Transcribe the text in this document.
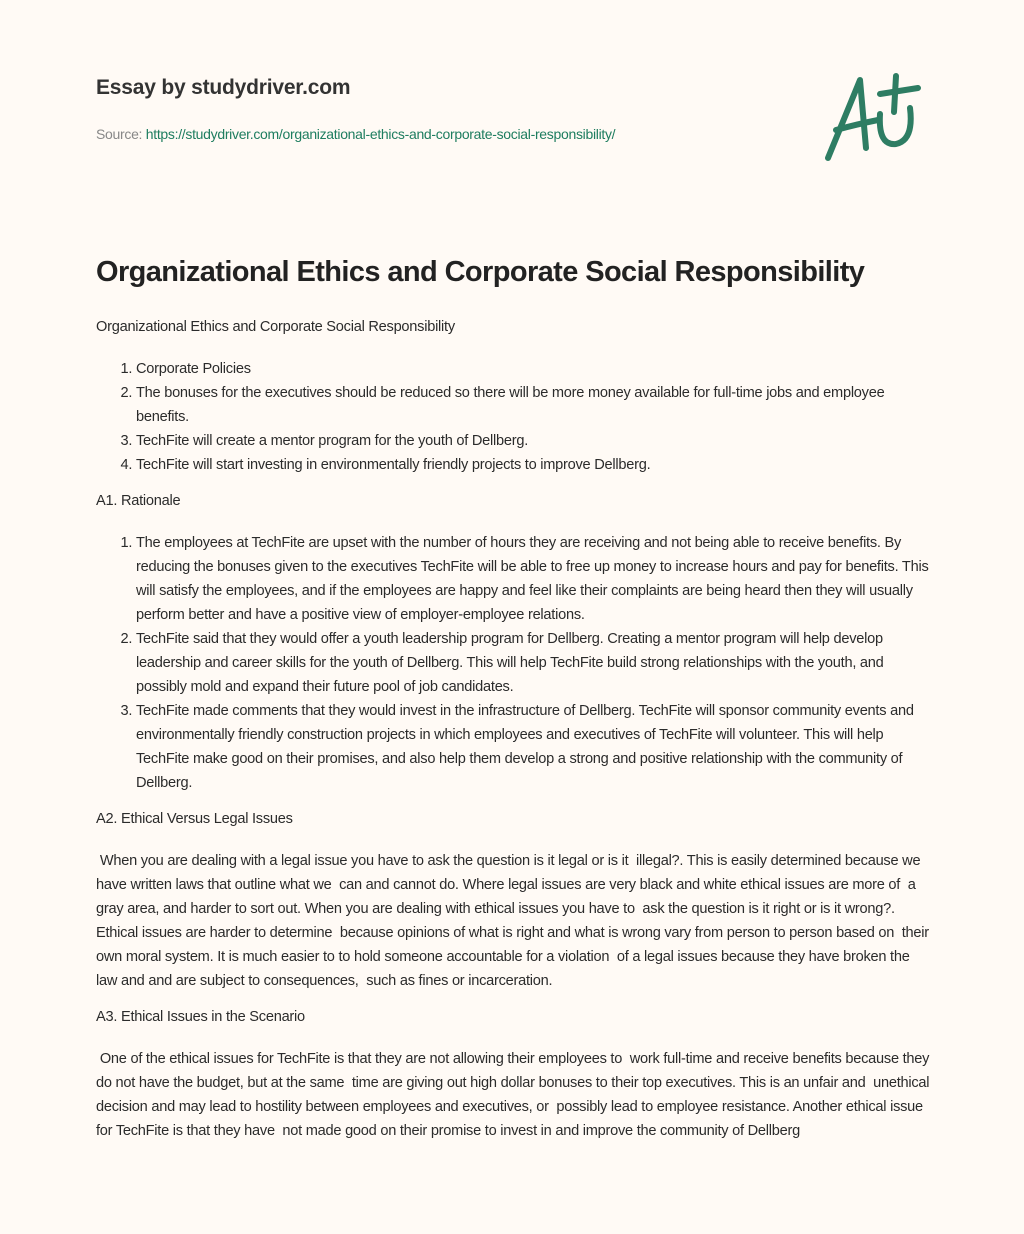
Essay by studydriver.com
Source: https://studydriver.com/organizational-ethics-and-corporate-social-responsibility/
Organizational Ethics and Corporate Social Responsibility

Organizational Ethics and Corporate Social Responsibility

1. Corporate Policies
2. The bonuses for the executives should be reduced so there will be more money available for full-time jobs and employee benefits.
3. TechFite will create a mentor program for the youth of Dellberg.
4. TechFite will start investing in environmentally friendly projects to improve Dellberg.

A1. Rationale

1. The employees at TechFite are upset with the number of hours they are receiving and not being able to receive benefits. By reducing the bonuses given to the executives TechFite will be able to free up money to increase hours and pay for benefits. This will satisfy the employees, and if the employees are happy and feel like their complaints are being heard then they will usually perform better and have a positive view of employer-employee relations.
2. TechFite said that they would offer a youth leadership program for Dellberg. Creating a mentor program will help develop leadership and career skills for the youth of Dellberg. This will help TechFite build strong relationships with the youth, and possibly mold and expand their future pool of job candidates.
3. TechFite made comments that they would invest in the infrastructure of Dellberg. TechFite will sponsor community events and environmentally friendly construction projects in which employees and executives of TechFite will volunteer. This will help TechFite make good on their promises, and also help them develop a strong and positive relationship with the community of Dellberg.

A2. Ethical Versus Legal Issues

When you are dealing with a legal issue you have to ask the question is it legal or is it  illegal?. This is easily determined because we have written laws that outline what we  can and cannot do. Where legal issues are very black and white ethical issues are more of  a gray area, and harder to sort out. When you are dealing with ethical issues you have to  ask the question is it right or is it wrong?.  Ethical issues are harder to determine  because opinions of what is right and what is wrong vary from person to person based on  their own moral system. It is much easier to to hold someone accountable for a violation  of a legal issues because they have broken the law and and are subject to consequences,  such as fines or incarceration.

A3. Ethical Issues in the Scenario

One of the ethical issues for TechFite is that they are not allowing their employees to  work full-time and receive benefits because they do not have the budget, but at the same  time are giving out high dollar bonuses to their top executives. This is an unfair and  unethical decision and may lead to hostility between employees and executives, or  possibly lead to employee resistance. Another ethical issue for TechFite is that they have  not made good on their promise to invest in and improve the community of Dellberg
